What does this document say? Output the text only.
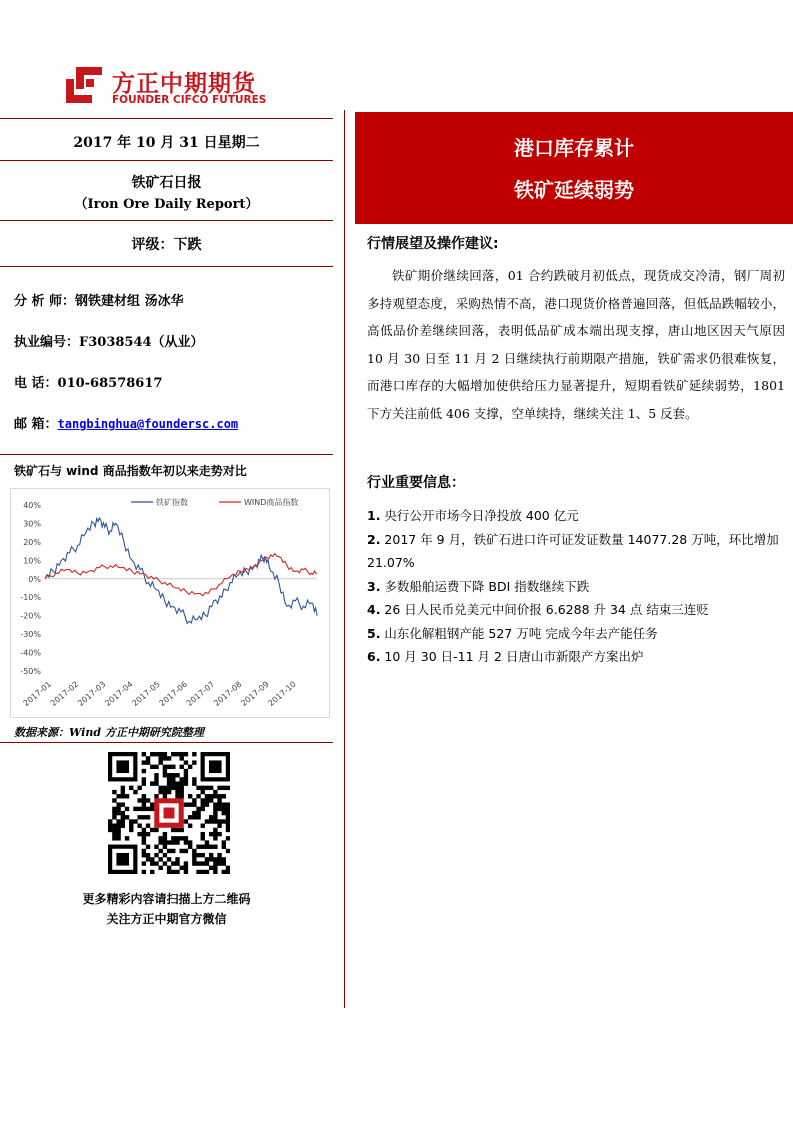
方正中期期货
FOUNDER CIFCO FUTURES
2017 年 10 月 31 日星期二
铁矿石日报
（Iron Ore Daily Report）
评级：下跌
分 析 师：钢铁建材组 汤冰华
执业编号：F3038544（从业）
电 话：010-68578617
邮 箱：tangbinghua@foundersc.com
铁矿石与 wind 商品指数年初以来走势对比
40%
30%
20%
10%
0%
-10%
-20%
-30%
-40%
-50%
2017-01
2017-02
2017-03
2017-04
2017-05
2017-06
2017-07
2017-08
2017-09
2017-10
铁矿指数	WIND商品指数
数据来源：Wind 方正中期研究院整理
更多精彩内容请扫描上方二维码
关注方正中期官方微信
港口库存累计
铁矿延续弱势
行情展望及操作建议:
铁矿期价继续回落，01 合约跌破月初低点，现货成交冷清，钢厂周初多持观望态度，采购热情不高，港口现货价格普遍回落，但低品跌幅较小，高低品价差继续回落，表明低品矿成本端出现支撑，唐山地区因天气原因 10 月 30 日至 11 月 2 日继续执行前期限产措施，铁矿需求仍很难恢复，而港口库存的大幅增加使供给压力显著提升，短期看铁矿延续弱势，1801 下方关注前低 406 支撑，空单续持，继续关注 1、5 反套。
行业重要信息：
1. 央行公开市场今日净投放 400 亿元
2. 2017 年 9 月，铁矿石进口许可证发证数量 14077.28 万吨，环比增加 21.07%
3. 多数船舶运费下降 BDI 指数继续下跌
4. 26 日人民币兑美元中间价报 6.6288 升 34 点 结束三连贬
5. 山东化解粗钢产能 527 万吨 完成今年去产能任务
6. 10 月 30 日-11 月 2 日唐山市新限产方案出炉
